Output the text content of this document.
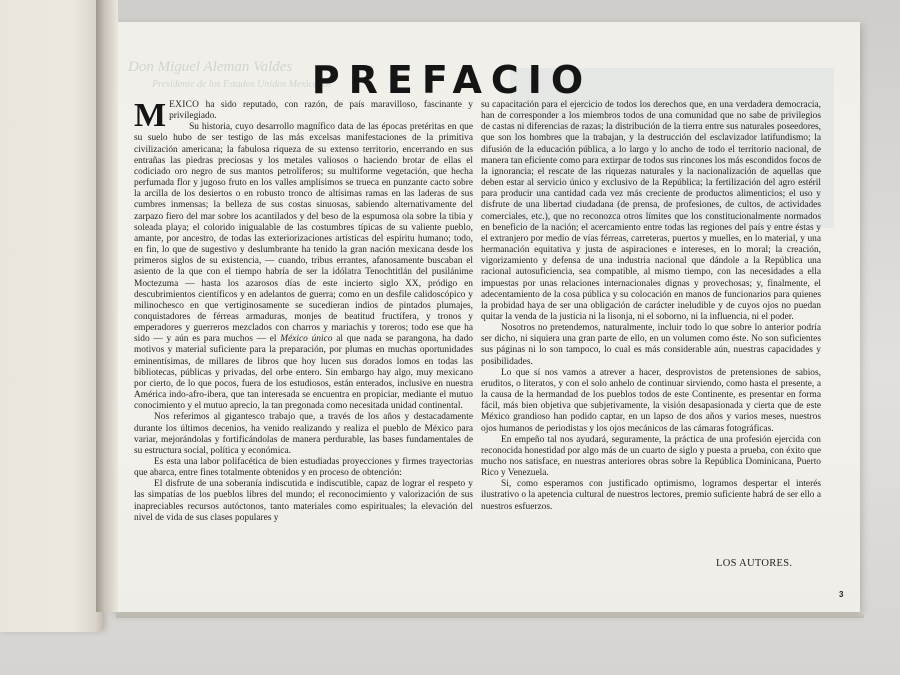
Don Miguel Aleman Valdes
Presidente de los Estados Unidos Mexicanos
PREFACIO

MEXICO ha sido reputado, con razón, de país maravilloso, fascinante y privilegiado.

Su historia, cuyo desarrollo magnífico data de las épocas pretéritas en que su suelo hubo de ser testigo de las más excelsas manifestaciones de la primitiva civilización americana; la fabulosa riqueza de su extenso territorio, encerrando en sus entrañas las piedras preciosas y los metales valiosos o haciendo brotar de ellas el codiciado oro negro de sus mantos petrolíferos; su multiforme vegetación, que hecha perfumada flor y jugoso fruto en los valles amplísimos se trueca en punzante cacto sobre la arcilla de los desiertos o en robusto tronco de altísimas ramas en las laderas de sus cumbres inmensas; la belleza de sus costas sinuosas, sabiendo alternativamente del zarpazo fiero del mar sobre los acantilados y del beso de la espumosa ola sobre la tibia y soleada playa; el colorido inigualable de las costumbres típicas de su valiente pueblo, amante, por ancestro, de todas las exteriorizaciones artísticas del espíritu humano; todo, en fin, lo que de sugestivo y deslumbrante ha tenido la gran nación mexicana desde los primeros siglos de su existencia, — cuando, tribus errantes, afanosamente buscaban el asiento de la que con el tiempo habría de ser la idólatra Tenochtitlán del pusilánime Moctezuma — hasta los azarosos días de este incierto siglo XX, pródigo en descubrimientos científicos y en adelantos de guerra; como en un desfile calidoscópico y milinochesco en que vertiginosamente se sucedieran indios de pintados plumajes, conquistadores de férreas armaduras, monjes de beatitud fructífera, y tronos y emperadores y guerreros mezclados con charros y mariachis y toreros; todo ese que ha sido — y aún es para muchos — el México único al que nada se parangona, ha dado motivos y material suficiente para la preparación, por plumas en muchas oportunidades eminentísimas, de millares de libros que hoy lucen sus dorados lomos en todas las bibliotecas, públicas y privadas, del orbe entero. Sin embargo hay algo, muy mexicano por cierto, de lo que pocos, fuera de los estudiosos, están enterados, inclusive en nuestra América indo-afro-ibera, que tan interesada se encuentra en propiciar, mediante el mutuo conocimiento y el mutuo aprecio, la tan pregonada como necesitada unidad continental.

Nos referimos al gigantesco trabajo que, a través de los años y destacadamente durante los últimos decenios, ha venido realizando y realiza el pueblo de México para variar, mejorándolas y fortificándolas de manera perdurable, las bases fundamentales de su estructura social, política y económica.

Es esta una labor polifacética de bien estudiadas proyecciones y firmes trayectorias que abarca, entre fines totalmente obtenidos y en proceso de obtención:

El disfrute de una soberanía indiscutida e indiscutible, capaz de lograr el respeto y las simpatías de los pueblos libres del mundo; el reconocimiento y valorización de sus inapreciables recursos autóctonos, tanto materiales como espirituales; la elevación del nivel de vida de sus clases populares y

su capacitación para el ejercicio de todos los derechos que, en una verdadera democracia, han de corresponder a los miembros todos de una comunidad que no sabe de privilegios de castas ni diferencias de razas; la distribución de la tierra entre sus naturales poseedores, que son los hombres que la trabajan, y la destrucción del esclavizador latifundismo; la difusión de la educación pública, a lo largo y lo ancho de todo el territorio nacional, de manera tan eficiente como para extirpar de todos sus rincones los más escondidos focos de la ignorancia; el rescate de las riquezas naturales y la nacionalización de aquellas que deben estar al servicio único y exclusivo de la República; la fertilización del agro estéril para producir una cantidad cada vez más creciente de productos alimenticios; el uso y disfrute de una libertad ciudadana (de prensa, de profesiones, de cultos, de actividades comerciales, etc.), que no reconozca otros límites que los constitucionalmente normados en beneficio de la nación; el acercamiento entre todas las regiones del país y entre éstas y el extranjero por medio de vías férreas, carreteras, puertos y muelles, en lo material, y una hermanación equitativa y justa de aspiraciones e intereses, en lo moral; la creación, vigorizamiento y defensa de una industria nacional que dándole a la República una racional autosuficiencia, sea compatible, al mismo tiempo, con las necesidades a ella impuestas por unas relaciones internacionales dignas y provechosas; y, finalmente, el adecentamiento de la cosa pública y su colocación en manos de funcionarios para quienes la probidad haya de ser una obligación de carácter ineludible y de cuyos ojos no puedan quitar la venda de la justicia ni la lisonja, ni el soborno, ni la influencia, ni el poder.

Nosotros no pretendemos, naturalmente, incluir todo lo que sobre lo anterior podría ser dicho, ni siquiera una gran parte de ello, en un volumen como éste. No son suficientes sus páginas ni lo son tampoco, lo cual es más considerable aún, nuestras capacidades y posibilidades.

Lo que sí nos vamos a atrever a hacer, desprovistos de pretensiones de sabios, eruditos, o literatos, y con el solo anhelo de continuar sirviendo, como hasta el presente, a la causa de la hermandad de los pueblos todos de este Continente, es presentar en forma fácil, más bien objetiva que subjetivamente, la visión desapasionada y cierta que de este México grandioso han podido captar, en un lapso de dos años y varios meses, nuestros ojos humanos de periodistas y los ojos mecánicos de las cámaras fotográficas.

En empeño tal nos ayudará, seguramente, la práctica de una profesión ejercida con reconocida honestidad por algo más de un cuarto de siglo y puesta a prueba, con éxito que mucho nos satisface, en nuestras anteriores obras sobre la República Dominicana, Puerto Rico y Venezuela.

Si, como esperamos con justificado optimismo, logramos despertar el interés ilustrativo o la apetencia cultural de nuestros lectores, premio suficiente habrá de ser ello a nuestros esfuerzos.

LOS AUTORES.
3
